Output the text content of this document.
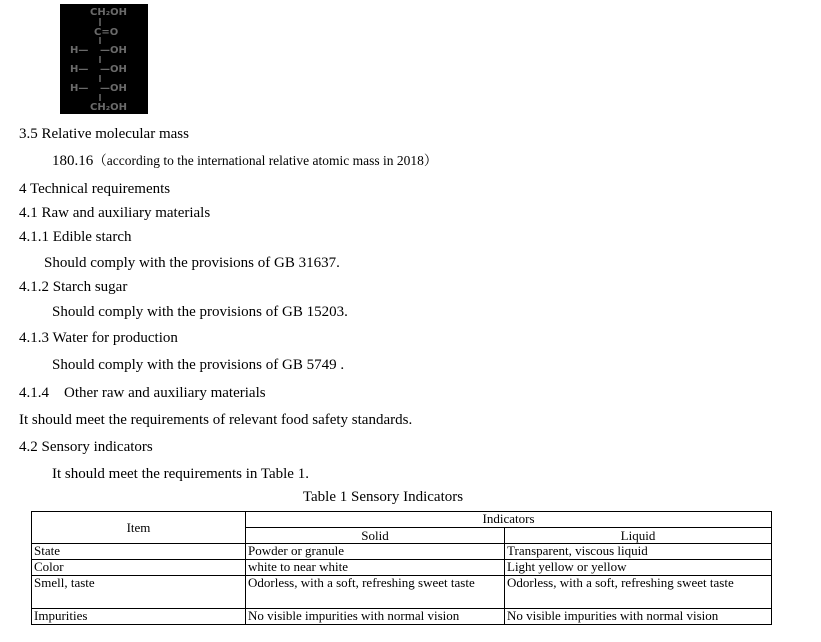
CH₂OH
C=O
H— —OH
H— —OH
H— —OH
CH₂OH
3.5 Relative molecular mass
180.16（according to the international relative atomic mass in 2018）
4 Technical requirements
4.1 Raw and auxiliary materials
4.1.1 Edible starch
Should comply with the provisions of GB 31637.
4.1.2 Starch sugar
Should comply with the provisions of GB 15203.
4.1.3 Water for production
Should comply with the provisions of GB 5749 .
4.1.4 Other raw and auxiliary materials
It should meet the requirements of relevant food safety standards.
4.2 Sensory indicators
It should meet the requirements in Table 1.
Table 1 Sensory Indicators
Item	Indicators	
	Solid	Liquid
State	Powder or granule	Transparent, viscous liquid
Color	white to near white	Light yellow or yellow
Smell, taste	Odorless, with a soft, refreshing sweet taste	Odorless, with a soft, refreshing sweet taste
Impurities	No visible impurities with normal vision	No visible impurities with normal vision
